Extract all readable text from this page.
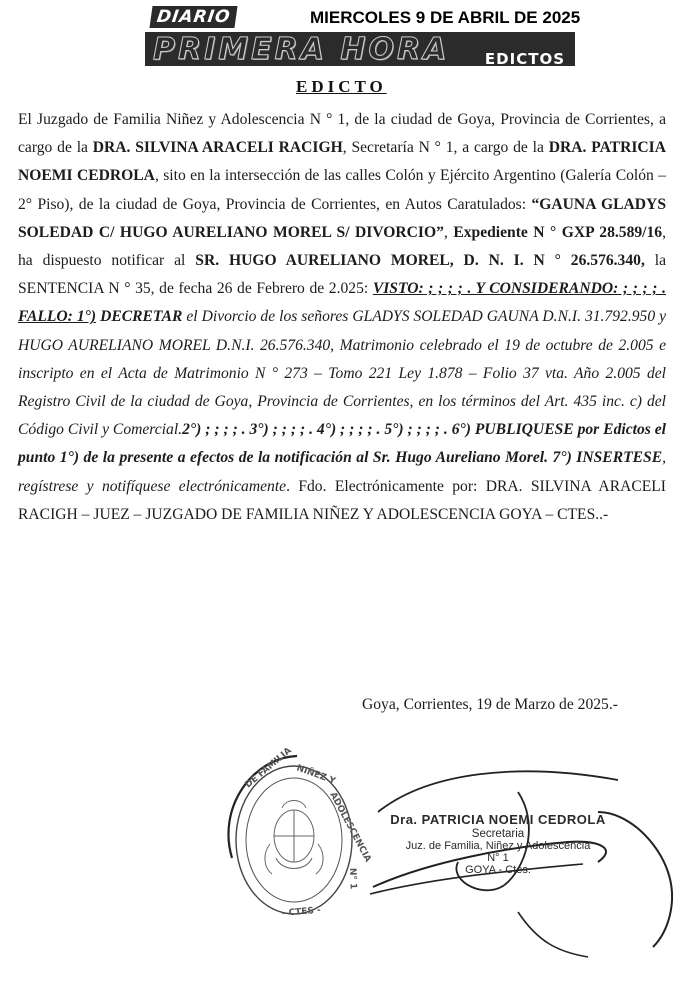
DIARIO
PRIMERA HORA EDICTOS
MIERCOLES 9 DE ABRIL DE 2025
EDICTO
El Juzgado de Familia Niñez y Adolescencia N ° 1, de la ciudad de Goya, Provincia de Corrientes, a cargo de la DRA. SILVINA ARACELI RACIGH, Secretaría N ° 1, a cargo de la DRA. PATRICIA NOEMI CEDROLA, sito en la intersección de las calles Colón y Ejército Argentino (Galería Colón – 2° Piso), de la ciudad de Goya, Provincia de Corrientes, en Autos Caratulados: “GAUNA GLADYS SOLEDAD C/ HUGO AURELIANO MOREL S/ DIVORCIO”, Expediente N ° GXP 28.589/16, ha dispuesto notificar al SR. HUGO AURELIANO MOREL, D. N. I. N ° 26.576.340, la SENTENCIA N ° 35, de fecha 26 de Febrero de 2.025: VISTO: ; ; ; ; . Y CONSIDERANDO: ; ; ; ; . FALLO: 1°) DECRETAR el Divorcio de los señores GLADYS SOLEDAD GAUNA D.N.I. 31.792.950 y HUGO AURELIANO MOREL D.N.I. 26.576.340, Matrimonio celebrado el 19 de octubre de 2.005 e inscripto en el Acta de Matrimonio N ° 273 – Tomo 221 Ley 1.878 – Folio 37 vta. Año 2.005 del Registro Civil de la ciudad de Goya, Provincia de Corrientes, en los términos del Art. 435 inc. c) del Código Civil y Comercial.2°) ; ; ; ; . 3°) ; ; ; ; . 4°) ; ; ; ; . 5°) ; ; ; ; . 6°) PUBLIQUESE por Edictos el punto 1°) de la presente a efectos de la notificación al Sr. Hugo Aureliano Morel. 7°) INSERTESE, regístrese y notifíquese electrónicamente. Fdo. Electrónicamente por: DRA. SILVINA ARACELI RACIGH – JUEZ – JUZGADO DE FAMILIA NIÑEZ Y ADOLESCENCIA GOYA – CTES..-
Goya, Corrientes, 19 de Marzo de 2025.-
DE FAMILIA NIÑEZ Y
ADOLESCENCIA
N° 1
- CTES -
Dra. PATRICIA NOEMI CEDROLA
Secretaria
Juz. de Familia, Niñez y Adolescencia
N° 1
GOYA - Ctes.
